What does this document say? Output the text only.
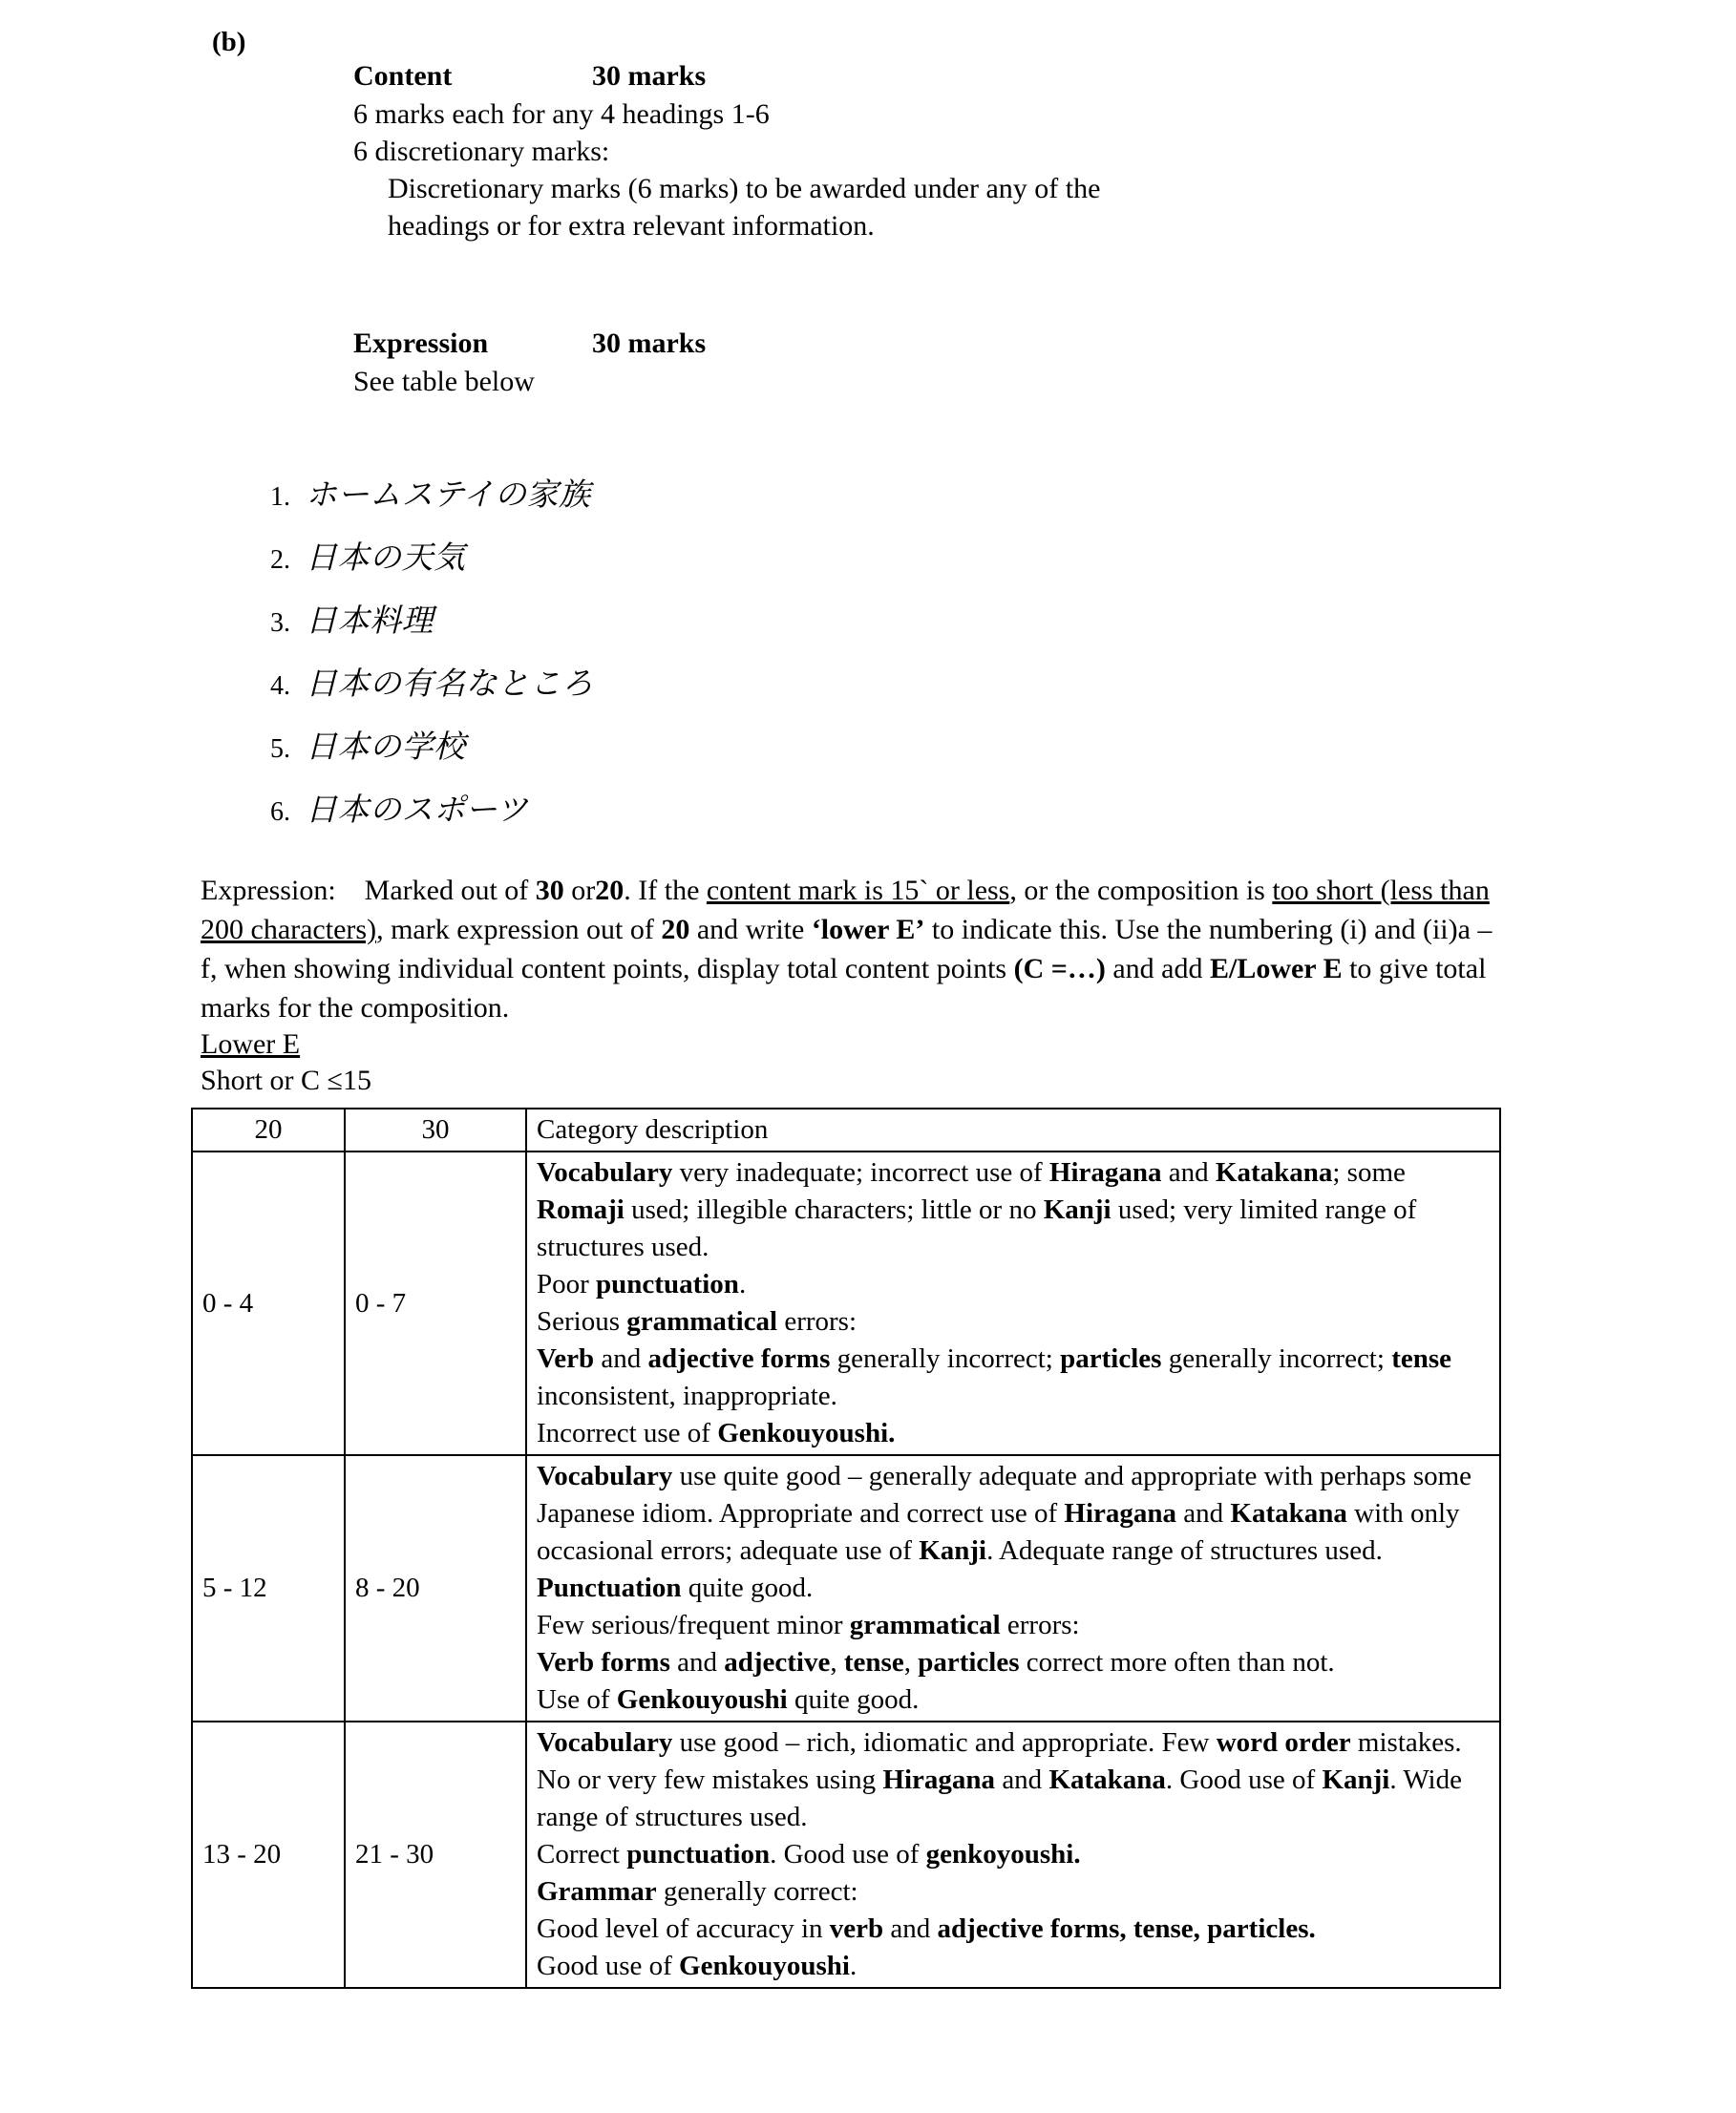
(b)
Content	30 marks
6 marks each for any 4 headings 1-6
6 discretionary marks:
Discretionary marks (6 marks) to be awarded under any of the
headings or for extra relevant information.
Expression	30 marks
See table below
1. ホームステイの家族
2. 日本の天気
3. 日本料理
4. 日本の有名なところ
5. 日本の学校
6. 日本のスポーツ
Expression: Marked out of 30 or20. If the content mark is 15` or less, or the composition is too short (less than 200 characters), mark expression out of 20 and write ‘lower E’ to indicate this. Use the numbering (i) and (ii)a –f, when showing individual content points, display total content points (C =…) and add E/Lower E to give total marks for the composition.
Lower E
Short or C ≤15
20	30	Category description
0 - 4	0 - 7	Vocabulary very inadequate; incorrect use of Hiragana and Katakana; some Romaji used; illegible characters; little or no Kanji used; very limited range of structures used.
Poor punctuation.
Serious grammatical errors:
Verb and adjective forms generally incorrect; particles generally incorrect; tense inconsistent, inappropriate.
Incorrect use of Genkouyoushi.

5 - 12	8 - 20	Vocabulary use quite good – generally adequate and appropriate with perhaps some Japanese idiom. Appropriate and correct use of Hiragana and Katakana with only occasional errors; adequate use of Kanji. Adequate range of structures used. Punctuation quite good.
Few serious/frequent minor grammatical errors:
Verb forms and adjective, tense, particles correct more often than not.
Use of Genkouyoushi quite good.

13 - 20	21 - 30	Vocabulary use good – rich, idiomatic and appropriate. Few word order mistakes. No or very few mistakes using Hiragana and Katakana. Good use of Kanji. Wide range of structures used.
Correct punctuation. Good use of genkoyoushi.
Grammar generally correct:
Good level of accuracy in verb and adjective forms, tense, particles.
Good use of Genkouyoushi.
